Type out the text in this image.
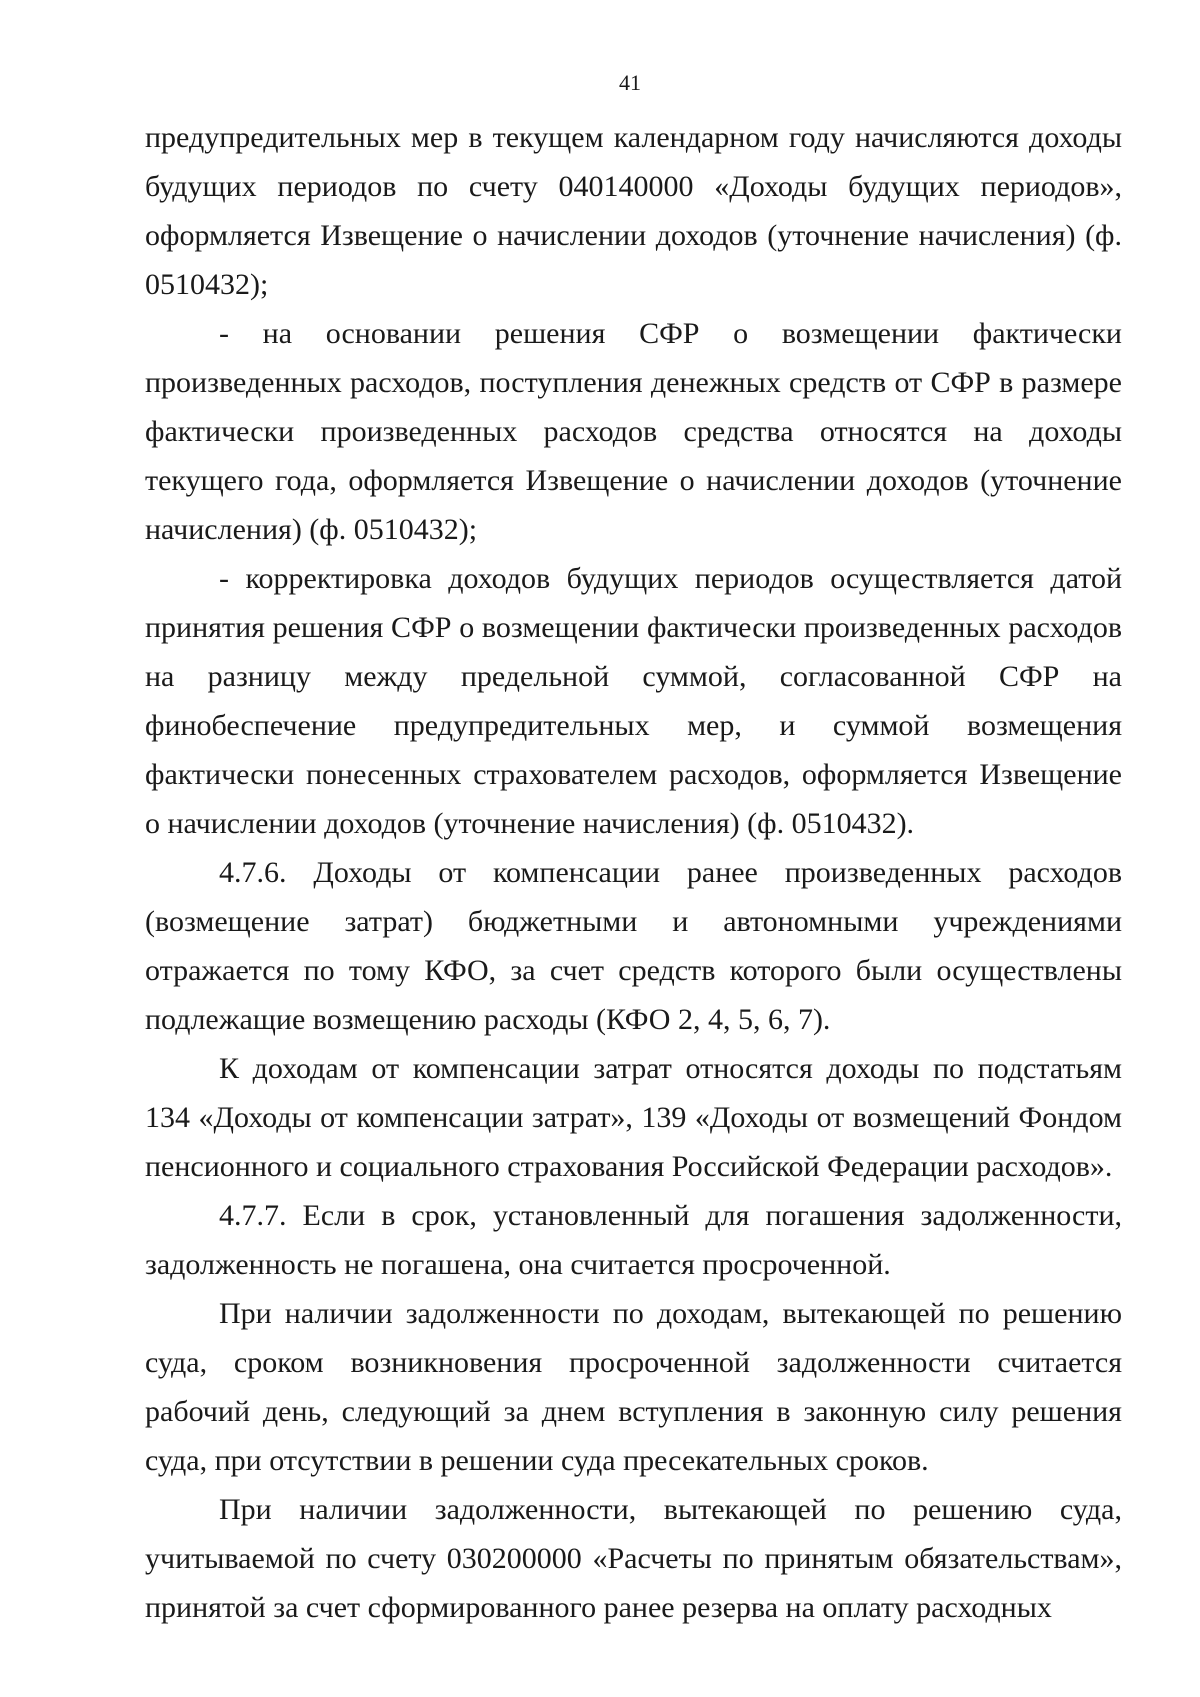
41

предупредительных мер в текущем календарном году начисляются доходы будущих периодов по счету 040140000 «Доходы будущих периодов», оформляется Извещение о начислении доходов (уточнение начисления) (ф. 0510432);

- на основании решения СФР о возмещении фактически произведенных расходов, поступления денежных средств от СФР в размере фактически произведенных расходов средства относятся на доходы текущего года, оформляется Извещение о начислении доходов (уточнение начисления) (ф. 0510432);

- корректировка доходов будущих периодов осуществляется датой принятия решения СФР о возмещении фактически произведенных расходов на разницу между предельной суммой, согласованной СФР на финобеспечение предупредительных мер, и суммой возмещения фактически понесенных страхователем расходов, оформляется Извещение о начислении доходов (уточнение начисления) (ф. 0510432).

4.7.6. Доходы от компенсации ранее произведенных расходов (возмещение затрат) бюджетными и автономными учреждениями отражается по тому КФО, за счет средств которого были осуществлены подлежащие возмещению расходы (КФО 2, 4, 5, 6, 7).

К доходам от компенсации затрат относятся доходы по подстатьям 134 «Доходы от компенсации затрат», 139 «Доходы от возмещений Фондом пенсионного и социального страхования Российской Федерации расходов».

4.7.7. Если в срок, установленный для погашения задолженности, задолженность не погашена, она считается просроченной.

При наличии задолженности по доходам, вытекающей по решению суда, сроком возникновения просроченной задолженности считается рабочий день, следующий за днем вступления в законную силу решения суда, при отсутствии в решении суда пресекательных сроков.

При наличии задолженности, вытекающей по решению суда, учитываемой по счету 030200000 «Расчеты по принятым обязательствам», принятой за счет сформированного ранее резерва на оплату расходных
